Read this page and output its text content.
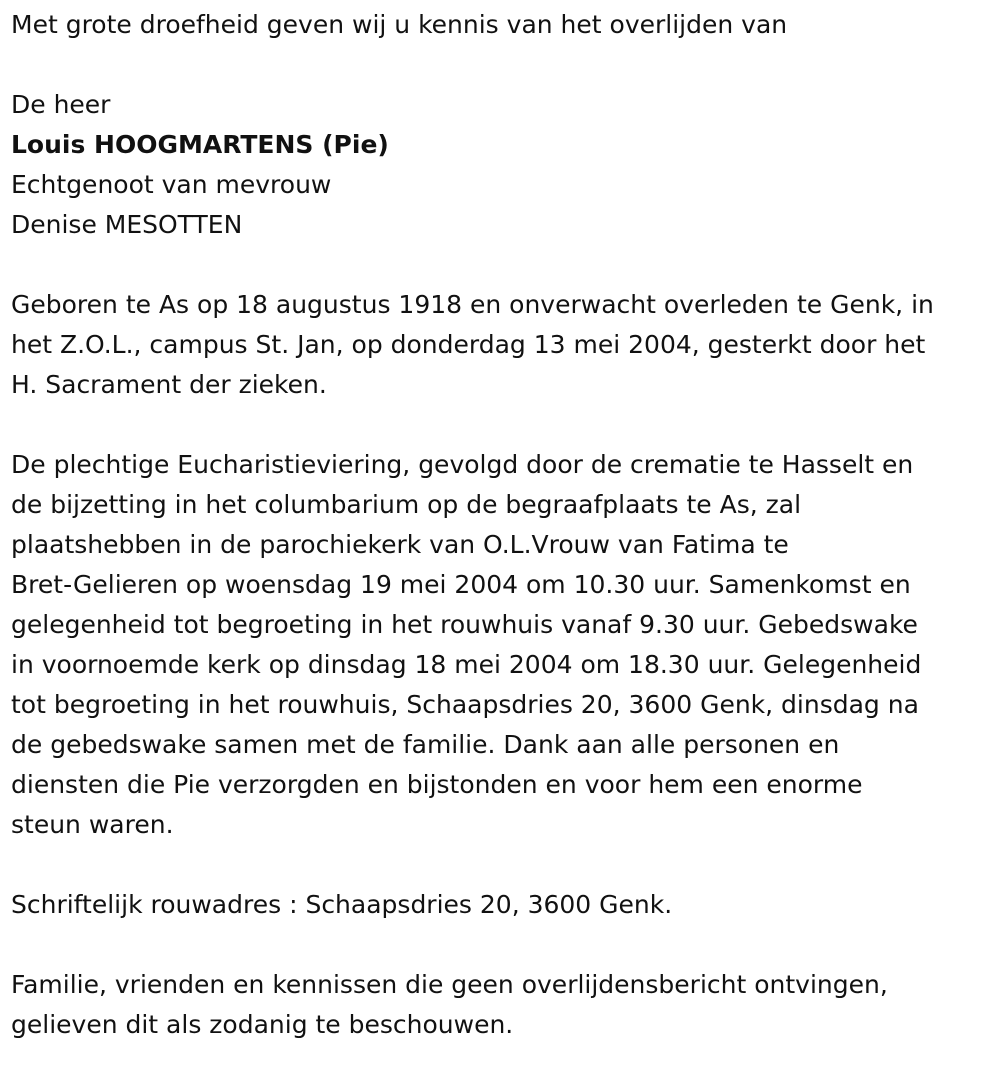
Met grote droefheid geven wij u kennis van het overlijden van

De heer

Louis HOOGMARTENS (Pie)

Echtgenoot van mevrouw

Denise MESOTTEN

Geboren te As op 18 augustus 1918 en onverwacht overleden te Genk, in

het Z.O.L., campus St. Jan, op donderdag 13 mei 2004, gesterkt door het

H. Sacrament der zieken.

De plechtige Eucharistieviering, gevolgd door de crematie te Hasselt en

de bijzetting in het columbarium op de begraafplaats te As, zal

plaatshebben in de parochiekerk van O.L.Vrouw van Fatima te

Bret-Gelieren op woensdag 19 mei 2004 om 10.30 uur. Samenkomst en

gelegenheid tot begroeting in het rouwhuis vanaf 9.30 uur. Gebedswake

in voornoemde kerk op dinsdag 18 mei 2004 om 18.30 uur. Gelegenheid

tot begroeting in het rouwhuis, Schaapsdries 20, 3600 Genk, dinsdag na

de gebedswake samen met de familie. Dank aan alle personen en

diensten die Pie verzorgden en bijstonden en voor hem een enorme

steun waren.

Schriftelijk rouwadres : Schaapsdries 20, 3600 Genk.

Familie, vrienden en kennissen die geen overlijdensbericht ontvingen,

gelieven dit als zodanig te beschouwen.
